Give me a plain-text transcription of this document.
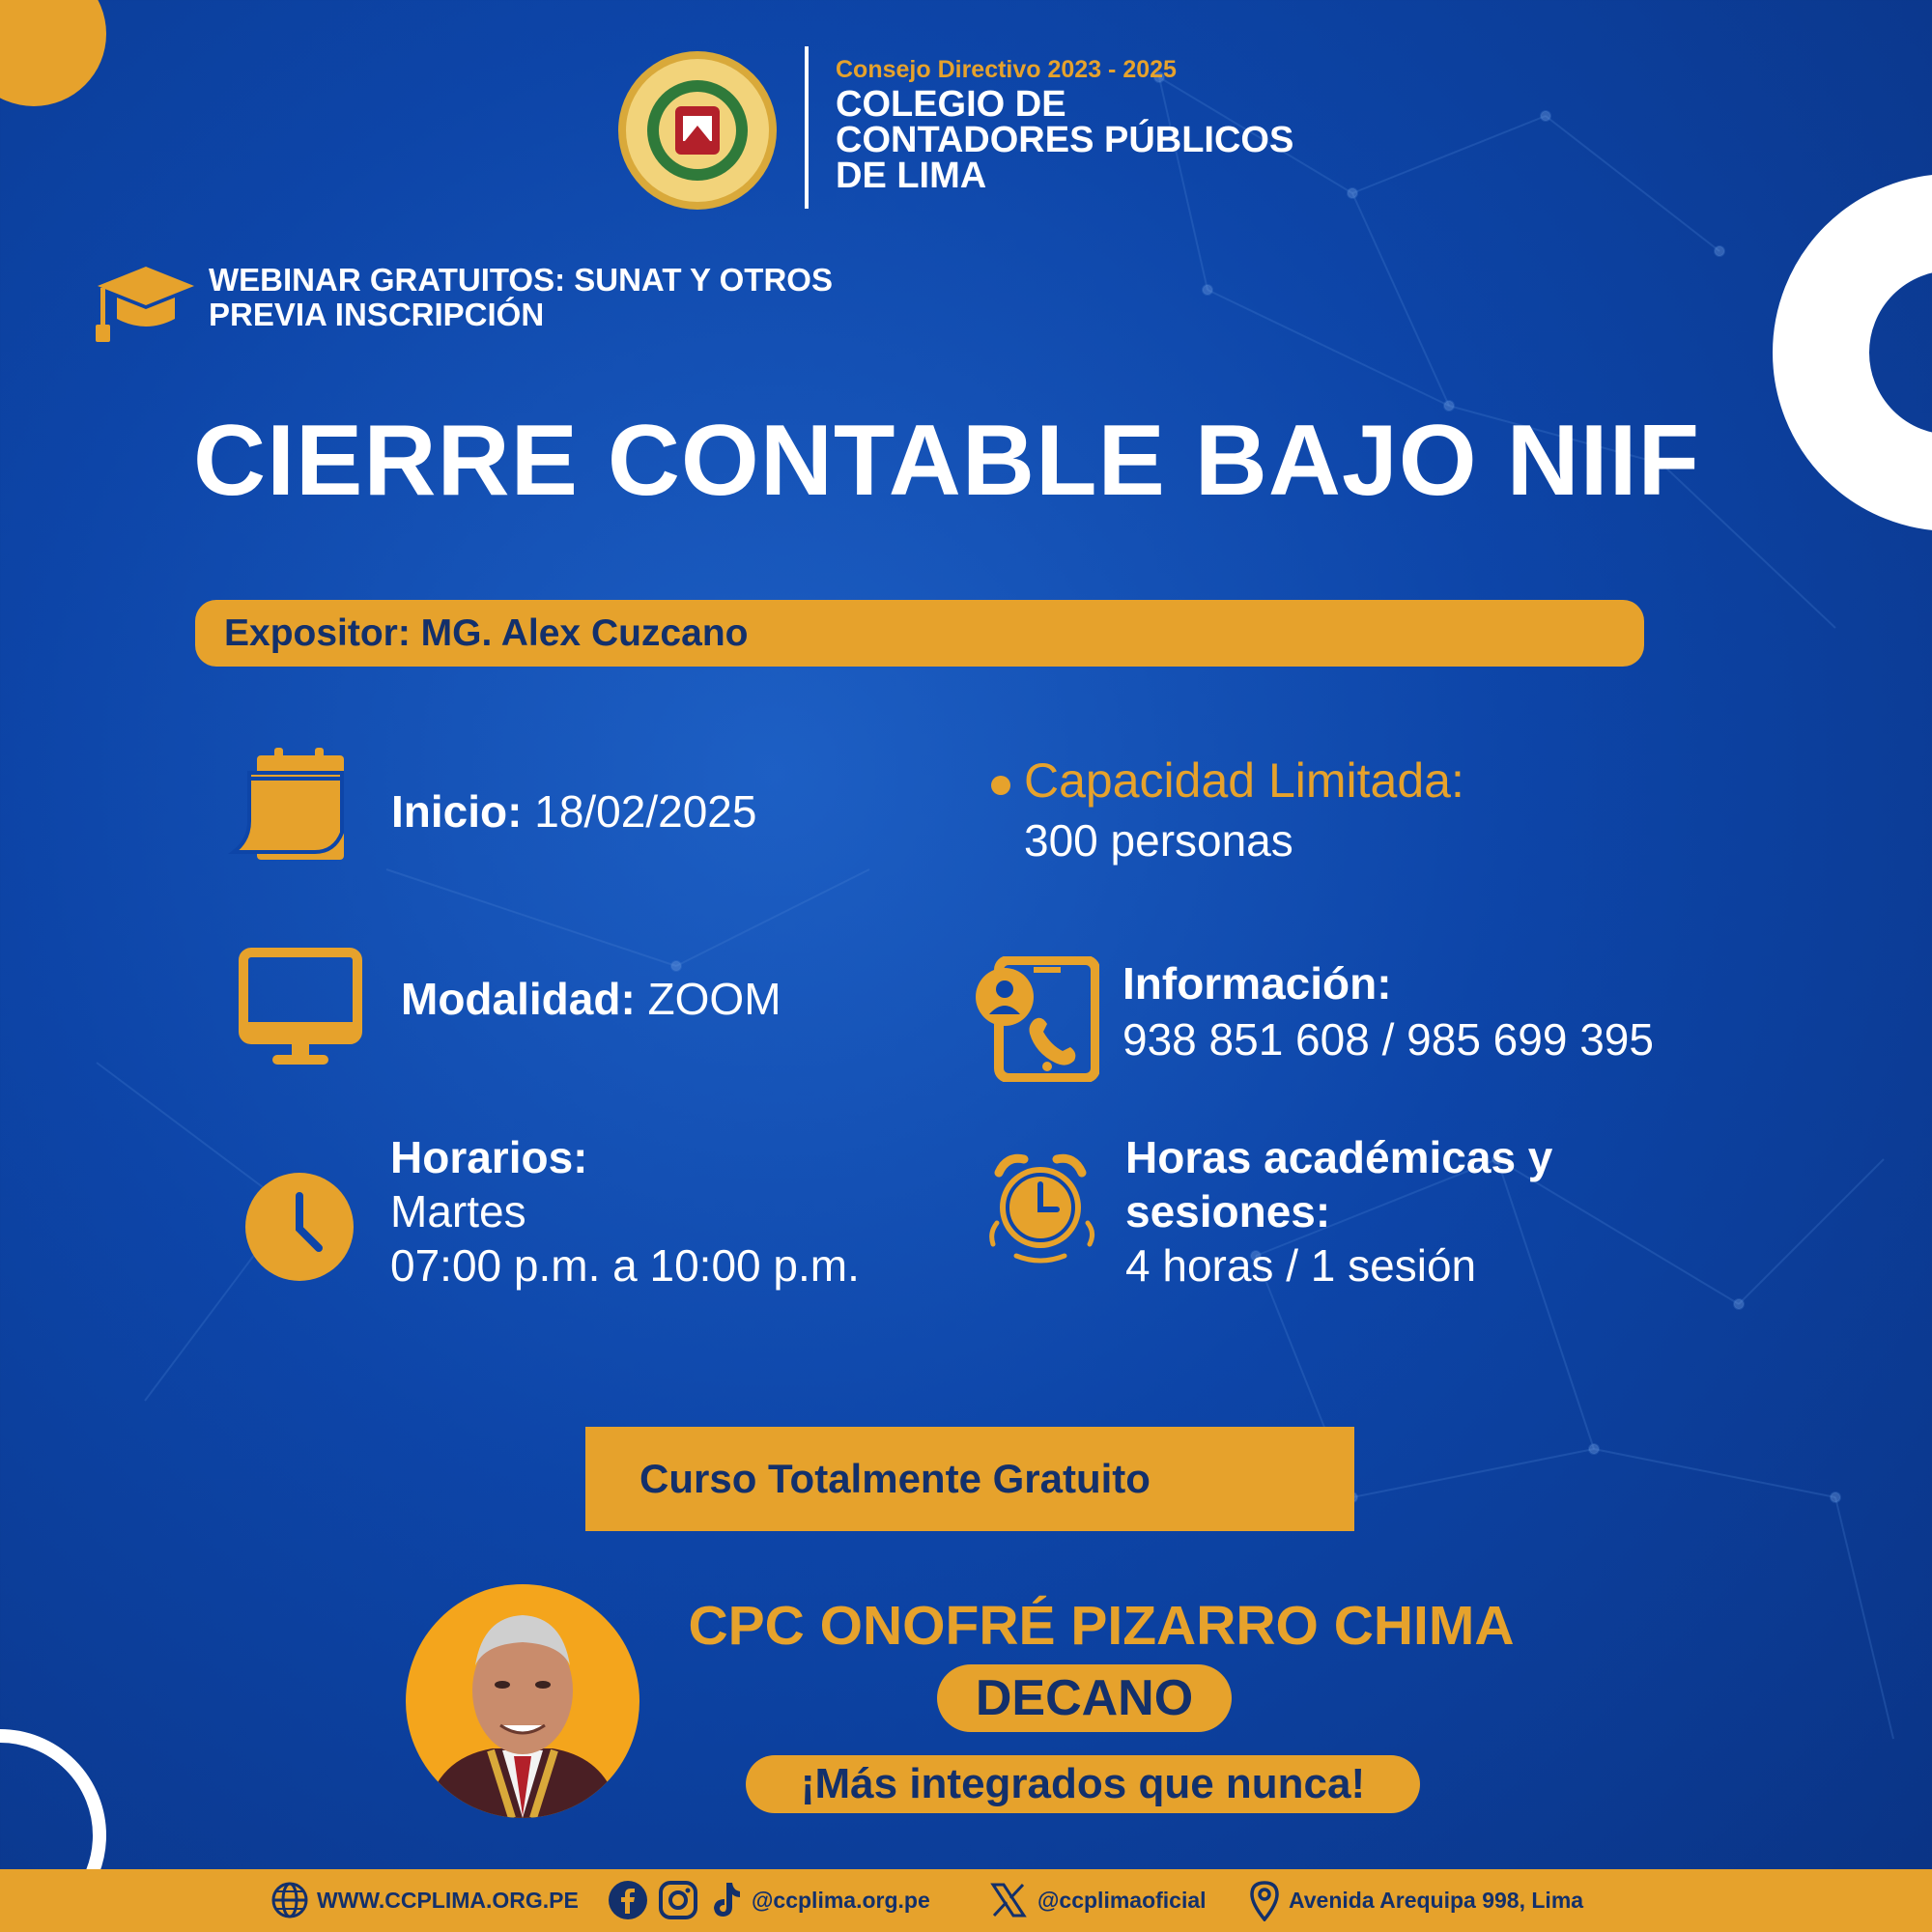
Consejo Directivo 2023 - 2025
COLEGIO DE
CONTADORES PÚBLICOS
DE LIMA
WEBINAR GRATUITOS: SUNAT Y OTROS
PREVIA INSCRIPCIÓN
CIERRE CONTABLE BAJO NIIF
Expositor: MG. Alex Cuzcano
Inicio: 18/02/2025
Capacidad Limitada:
300 personas
Modalidad: ZOOM	Información:
938 851 608 / 985 699 395
Horarios:
Martes
07:00 p.m. a 10:00 p.m.
Horas académicas y
sesiones:
4 horas / 1 sesión
Curso Totalmente Gratuito
CPC ONOFRÉ PIZARRO CHIMA
DECANO
¡Más integrados que nunca!
WWW.CCPLIMA.ORG.PE	@ccplima.org.pe	@ccplimaoficial	Avenida Arequipa 998, Lima
